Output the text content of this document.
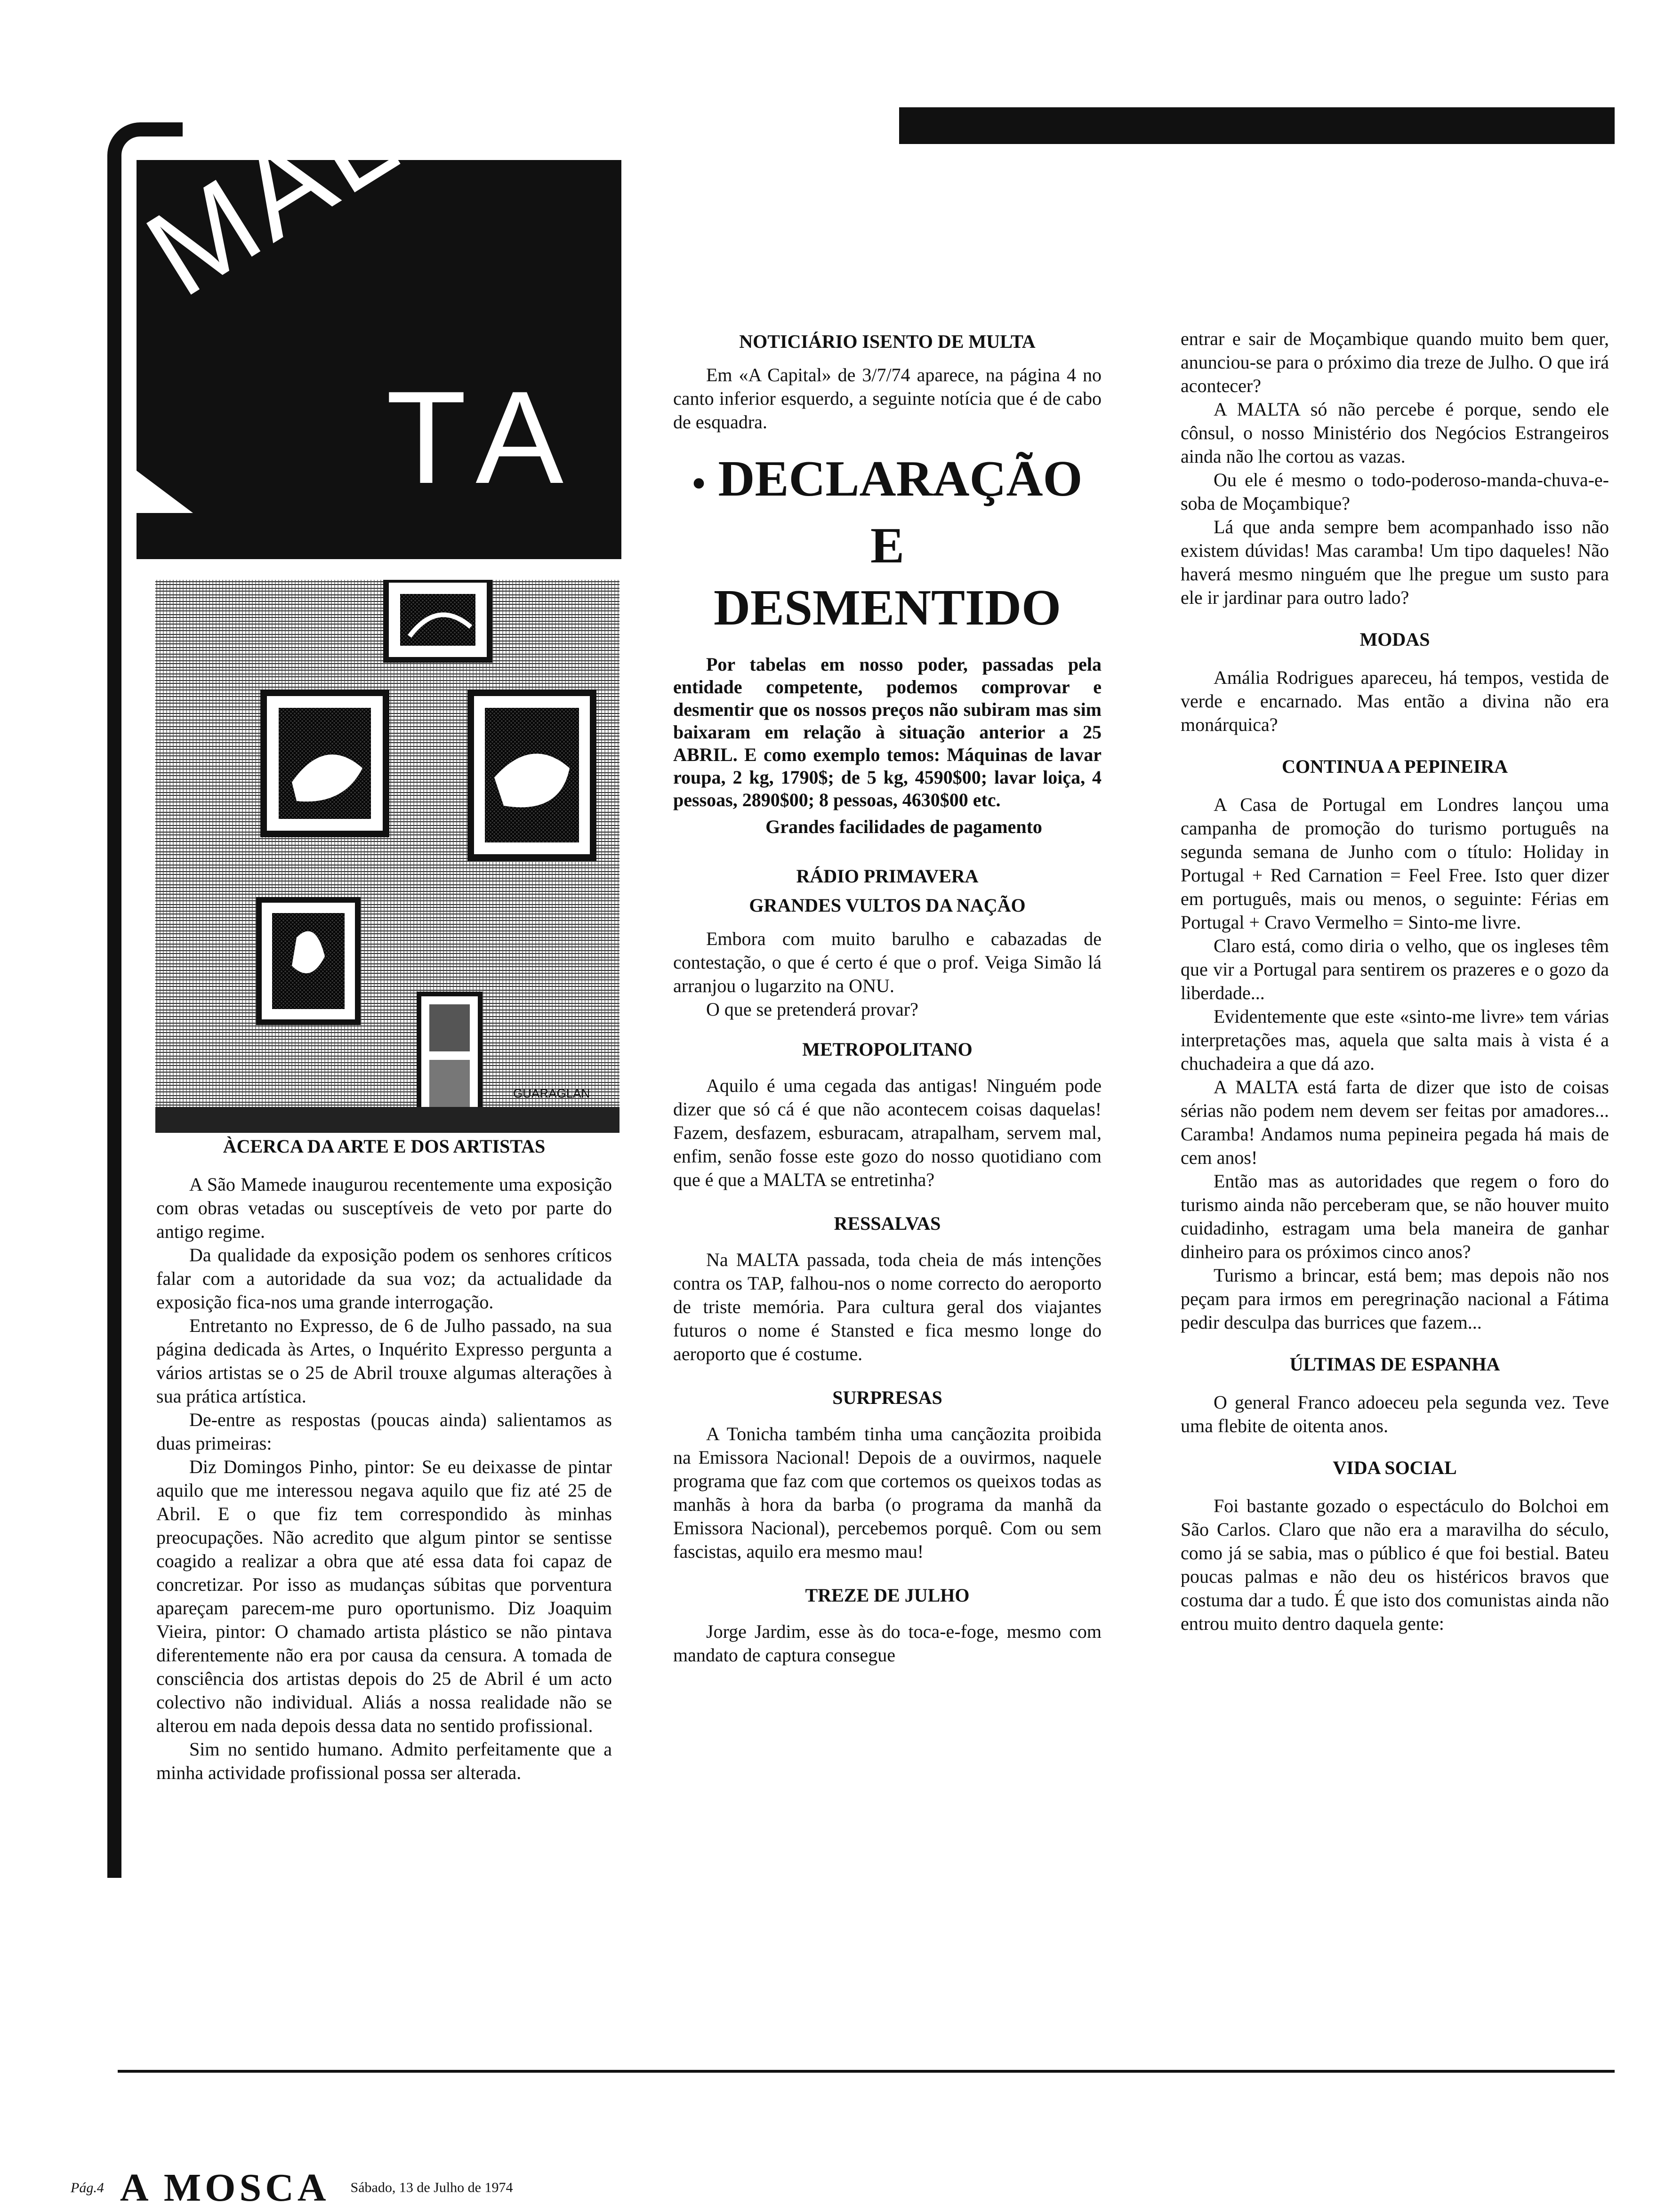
MAL-
TA
GUARAGLAN
ÀCERCA DA ARTE E DOS ARTISTAS

A São Mamede inaugurou recentemente uma exposição com obras vetadas ou susceptíveis de veto por parte do antigo regime.

Da qualidade da exposição podem os senhores críticos falar com a autoridade da sua voz; da actualidade da exposição fica-nos uma grande interrogação.

Entretanto no Expresso, de 6 de Julho passado, na sua página dedicada às Artes, o Inquérito Expresso pergunta a vários artistas se o 25 de Abril trouxe algumas alterações à sua prática artística.

De-entre as respostas (poucas ainda) salientamos as duas primeiras:

Diz Domingos Pinho, pintor: Se eu deixasse de pintar aquilo que me interessou negava aquilo que fiz até 25 de Abril. E o que fiz tem correspondido às minhas preocupações. Não acredito que algum pintor se sentisse coagido a realizar a obra que até essa data foi capaz de concretizar. Por isso as mudanças súbitas que porventura apareçam parecem-me puro oportunismo. Diz Joaquim Vieira, pintor: O chamado artista plástico se não pintava diferentemente não era por causa da censura. A tomada de consciência dos artistas depois do 25 de Abril é um acto colectivo não individual. Aliás a nossa realidade não se alterou em nada depois dessa data no sentido profissional.

Sim no sentido humano. Admito perfeitamente que a minha actividade profissional possa ser alterada.

NOTICIÁRIO ISENTO DE MULTA

Em «A Capital» de 3/7/74 aparece, na página 4 no canto inferior esquerdo, a seguinte notícia que é de cabo de esquadra.

• DECLARAÇÃO
E
DESMENTIDO

Por tabelas em nosso poder, passadas pela entidade competente, podemos comprovar e desmentir que os nossos preços não subiram mas sim baixaram em relação à situação anterior a 25 ABRIL. E como exemplo temos: Máquinas de lavar roupa, 2 kg, 1790$; de 5 kg, 4590$00; lavar loiça, 4 pessoas, 2890$00; 8 pessoas, 4630$00 etc.

Grandes facilidades de pagamento

RÁDIO PRIMAVERA
GRANDES VULTOS DA NAÇÃO

Embora com muito barulho e cabazadas de contestação, o que é certo é que o prof. Veiga Simão lá arranjou o lugarzito na ONU.

O que se pretenderá provar?

METROPOLITANO

Aquilo é uma cegada das antigas! Ninguém pode dizer que só cá é que não acontecem coisas daquelas! Fazem, desfazem, esburacam, atrapalham, servem mal, enfim, senão fosse este gozo do nosso quotidiano com que é que a MALTA se entretinha?

RESSALVAS

Na MALTA passada, toda cheia de más intenções contra os TAP, falhou-nos o nome correcto do aeroporto de triste memória. Para cultura geral dos viajantes futuros o nome é Stansted e fica mesmo longe do aeroporto que é costume.

SURPRESAS

A Tonicha também tinha uma cançãozita proibida na Emissora Nacional! Depois de a ouvirmos, naquele programa que faz com que cortemos os queixos todas as manhãs à hora da barba (o programa da manhã da Emissora Nacional), percebemos porquê. Com ou sem fascistas, aquilo era mesmo mau!

TREZE DE JULHO

Jorge Jardim, esse às do toca-e-foge, mesmo com mandato de captura consegue

entrar e sair de Moçambique quando muito bem quer, anunciou-se para o próximo dia treze de Julho. O que irá acontecer?

A MALTA só não percebe é porque, sendo ele cônsul, o nosso Ministério dos Negócios Estrangeiros ainda não lhe cortou as vazas.

Ou ele é mesmo o todo-poderoso-manda-chuva-e-soba de Moçambique?

Lá que anda sempre bem acompanhado isso não existem dúvidas! Mas caramba! Um tipo daqueles! Não haverá mesmo ninguém que lhe pregue um susto para ele ir jardinar para outro lado?

MODAS

Amália Rodrigues apareceu, há tempos, vestida de verde e encarnado. Mas então a divina não era monárquica?

CONTINUA A PEPINEIRA

A Casa de Portugal em Londres lançou uma campanha de promoção do turismo português na segunda semana de Junho com o título: Holiday in Portugal + Red Carnation = Feel Free. Isto quer dizer em português, mais ou menos, o seguinte: Férias em Portugal + Cravo Vermelho = Sinto-me livre.

Claro está, como diria o velho, que os ingleses têm que vir a Portugal para sentirem os prazeres e o gozo da liberdade...

Evidentemente que este «sinto-me livre» tem várias interpretações mas, aquela que salta mais à vista é a chuchadeira a que dá azo.

A MALTA está farta de dizer que isto de coisas sérias não podem nem devem ser feitas por amadores... Caramba! Andamos numa pepineira pegada há mais de cem anos!

Então mas as autoridades que regem o foro do turismo ainda não perceberam que, se não houver muito cuidadinho, estragam uma bela maneira de ganhar dinheiro para os próximos cinco anos?

Turismo a brincar, está bem; mas depois não nos peçam para irmos em peregrinação nacional a Fátima pedir desculpa das burrices que fazem...

ÚLTIMAS DE ESPANHA

O general Franco adoeceu pela segunda vez. Teve uma flebite de oitenta anos.

VIDA SOCIAL

Foi bastante gozado o espectáculo do Bolchoi em São Carlos. Claro que não era a maravilha do século, como já se sabia, mas o público é que foi bestial. Bateu poucas palmas e não deu os histéricos bravos que costuma dar a tudo. É que isto dos comunistas ainda não entrou muito dentro daquela gente:

Pág.4 A MOSCA Sábado, 13 de Julho de 1974
